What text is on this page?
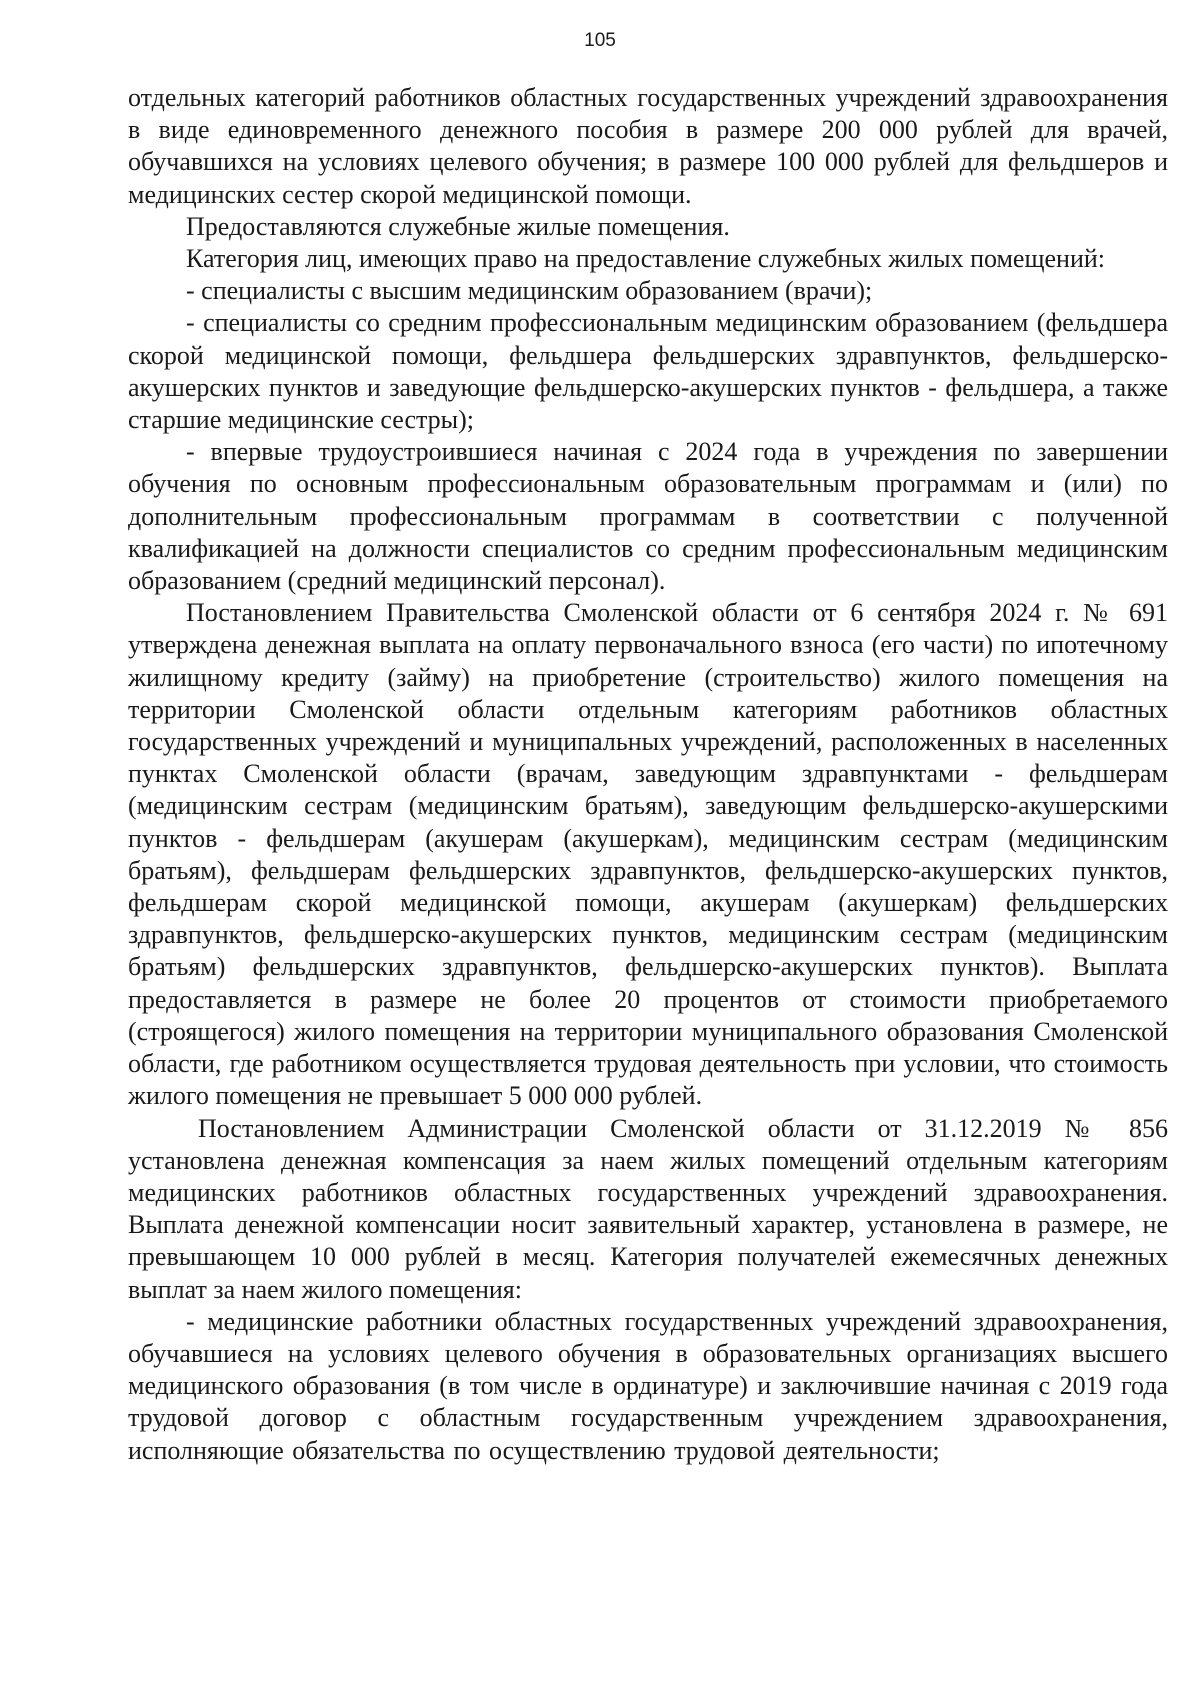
105

отдельных категорий работников областных государственных учреждений здравоохранения в виде единовременного денежного пособия в размере 200 000 рублей для врачей, обучавшихся на условиях целевого обучения; в размере 100 000 рублей для фельдшеров и медицинских сестер скорой медицинской помощи.

Предоставляются служебные жилые помещения.

Категория лиц, имеющих право на предоставление служебных жилых помещений:

- специалисты с высшим медицинским образованием (врачи);

- специалисты со средним профессиональным медицинским образованием (фельдшера скорой медицинской помощи, фельдшера фельдшерских здравпунктов, фельдшерско-акушерских пунктов и заведующие фельдшерско-акушерских пунктов - фельдшера, а также старшие медицинские сестры);

- впервые трудоустроившиеся начиная с 2024 года в учреждения по завершении обучения по основным профессиональным образовательным программам и (или) по дополнительным профессиональным программам в соответствии с полученной квалификацией на должности специалистов со средним профессиональным медицинским образованием (средний медицинский персонал).

Постановлением Правительства Смоленской области от 6 сентября 2024 г. № 691 утверждена денежная выплата на оплату первоначального взноса (его части) по ипотечному жилищному кредиту (займу) на приобретение (строительство) жилого помещения на территории Смоленской области отдельным категориям работников областных государственных учреждений и муниципальных учреждений, расположенных в населенных пунктах Смоленской области (врачам, заведующим здравпунктами - фельдшерам (медицинским сестрам (медицинским братьям), заведующим фельдшерско-акушерскими пунктов - фельдшерам (акушерам (акушеркам), медицинским сестрам (медицинским братьям), фельдшерам фельдшерских здравпунктов, фельдшерско-акушерских пунктов, фельдшерам скорой медицинской помощи, акушерам (акушеркам) фельдшерских здравпунктов, фельдшерско-акушерских пунктов, медицинским сестрам (медицинским братьям) фельдшерских здравпунктов, фельдшерско-акушерских пунктов). Выплата предоставляется в размере не более 20 процентов от стоимости приобретаемого (строящегося) жилого помещения на территории муниципального образования Смоленской области, где работником осуществляется трудовая деятельность при условии, что стоимость жилого помещения не превышает 5 000 000 рублей.

Постановлением Администрации Смоленской области от 31.12.2019 № 856 установлена денежная компенсация за наем жилых помещений отдельным категориям медицинских работников областных государственных учреждений здравоохранения. Выплата денежной компенсации носит заявительный характер, установлена в размере, не превышающем 10 000 рублей в месяц. Категория получателей ежемесячных денежных выплат за наем жилого помещения:

- медицинские работники областных государственных учреждений здравоохранения, обучавшиеся на условиях целевого обучения в образовательных организациях высшего медицинского образования (в том числе в ординатуре) и заключившие начиная с 2019 года трудовой договор с областным государственным учреждением здравоохранения, исполняющие обязательства по осуществлению трудовой деятельности;
